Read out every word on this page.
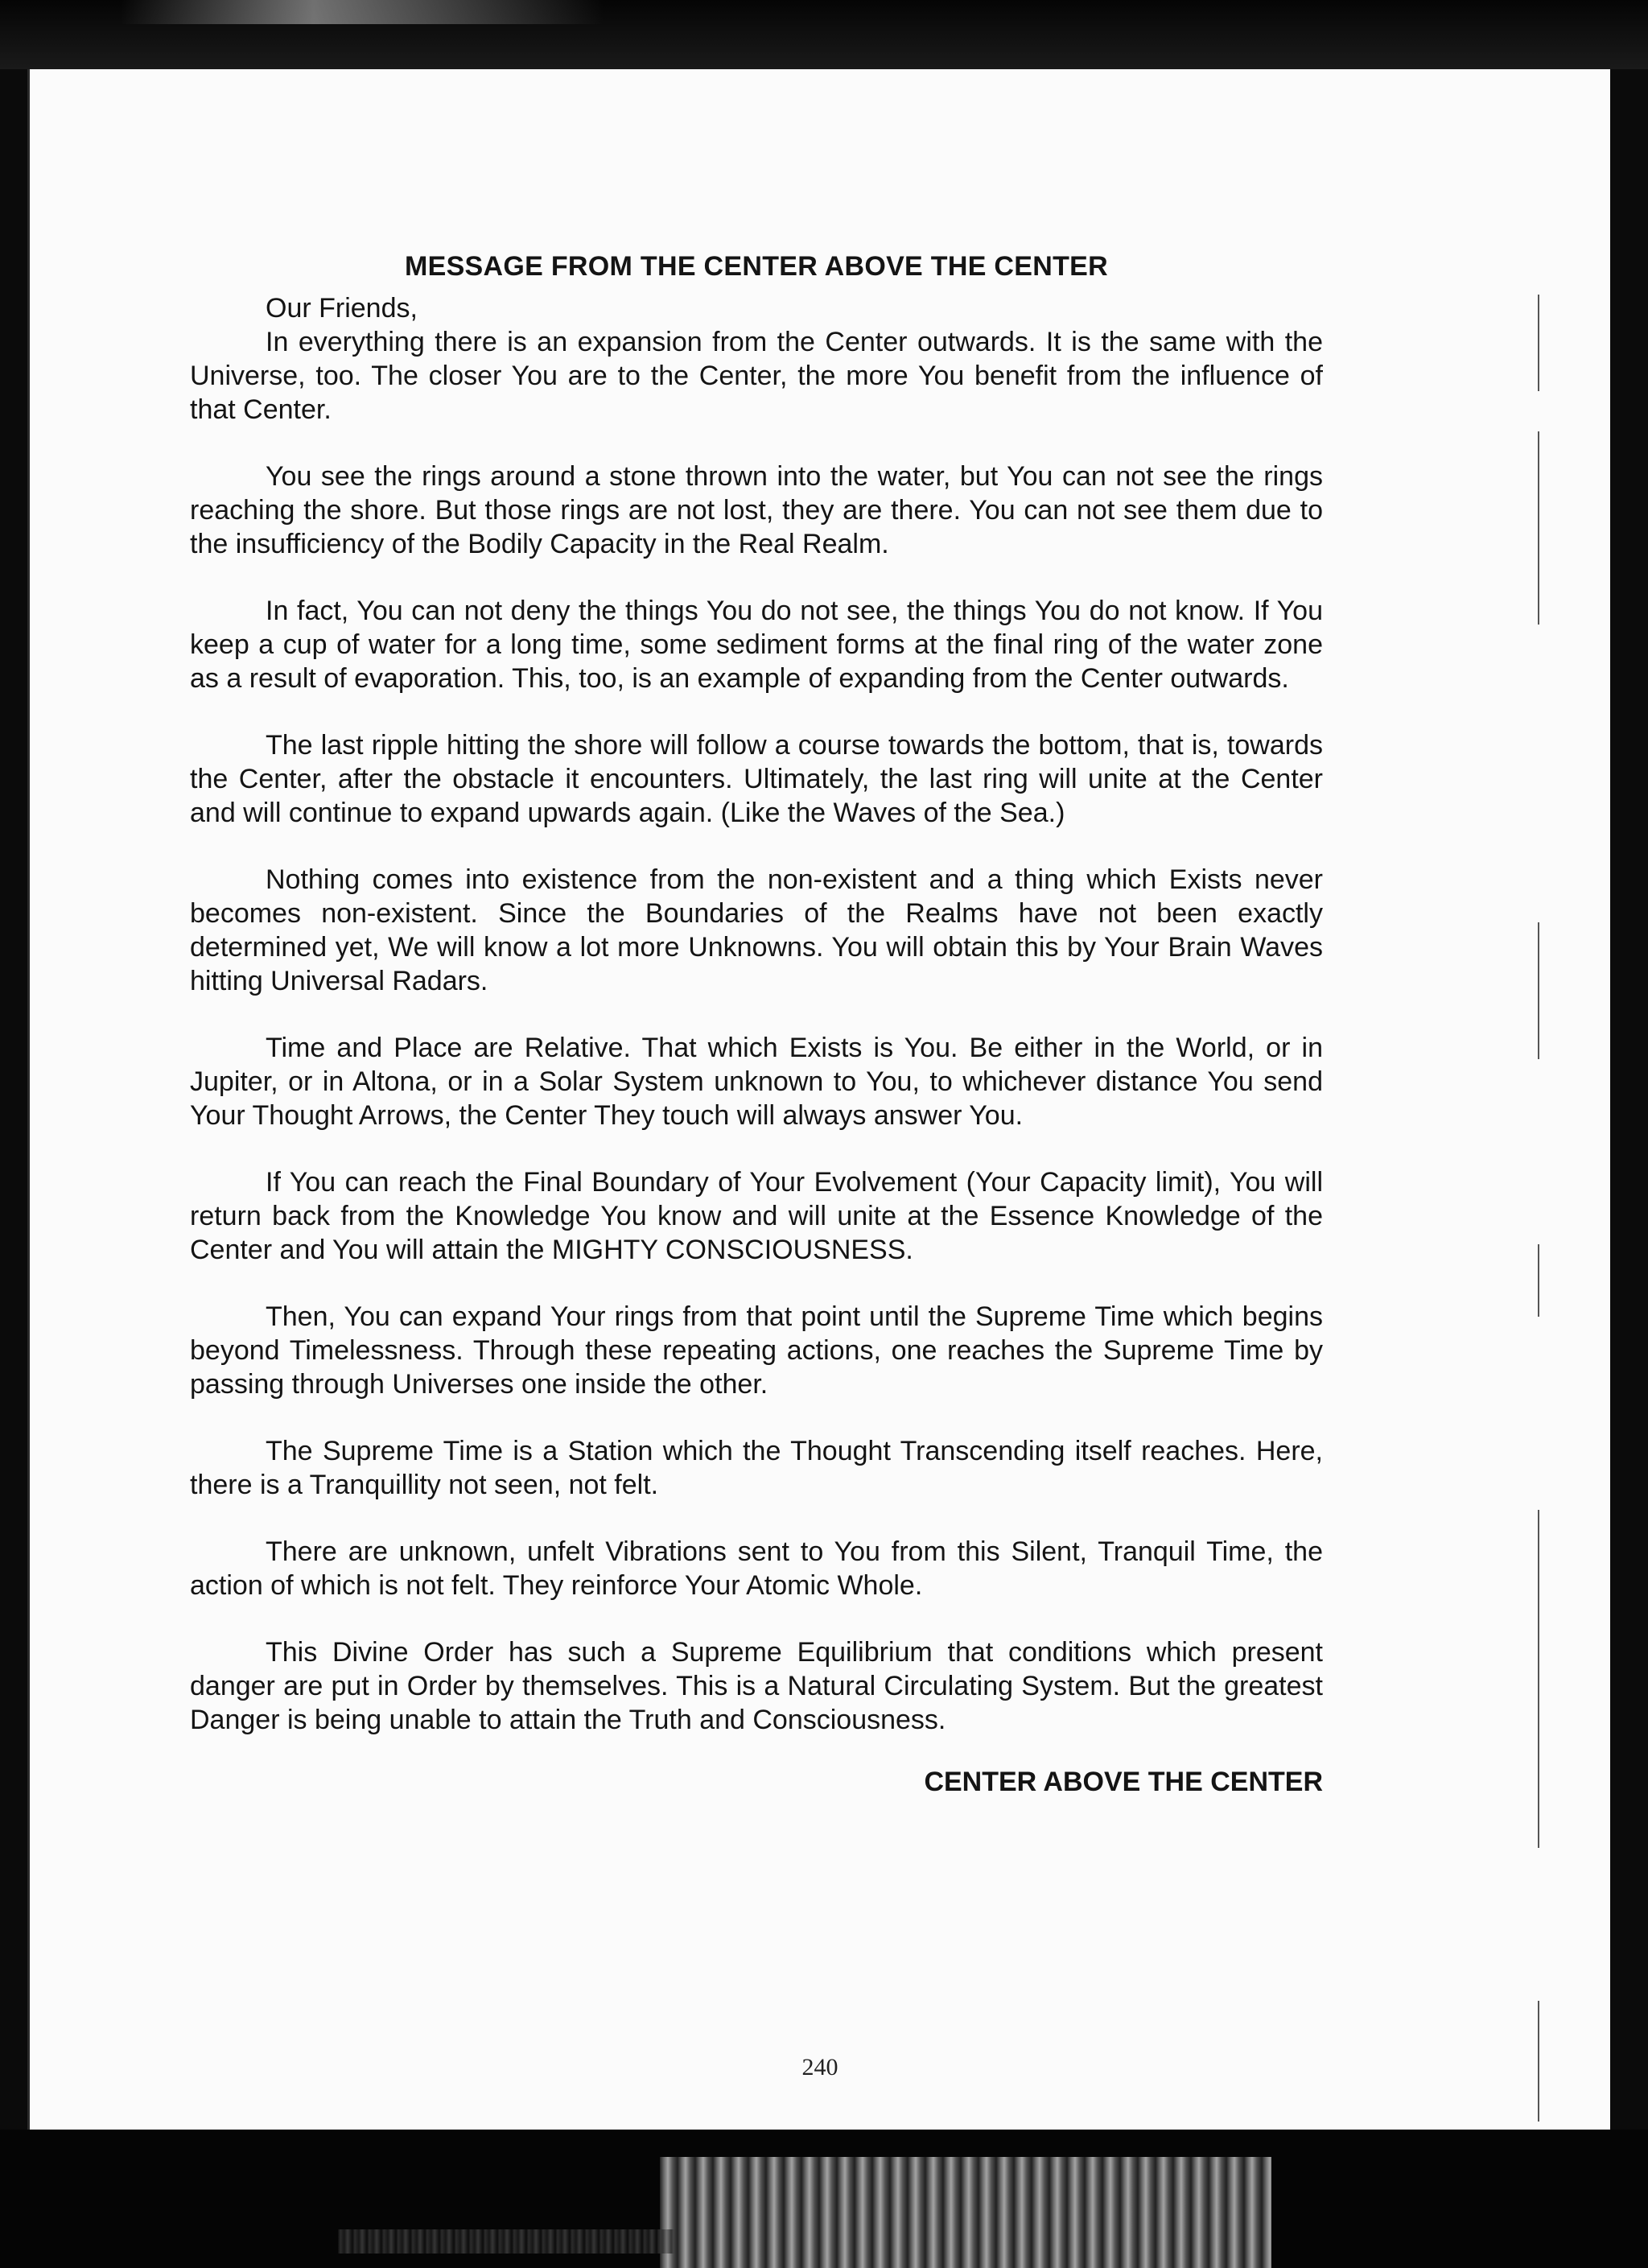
240
MESSAGE FROM THE CENTER ABOVE THE CENTER
Our Friends,

In everything there is an expansion from the Center outwards. It is the same with the Universe, too. The closer You are to the Center, the more You benefit from the influence of that Center.

You see the rings around a stone thrown into the water, but You can not see the rings reaching the shore. But those rings are not lost, they are there. You can not see them due to the insufficiency of the Bodily Capacity in the Real Realm.

In fact, You can not deny the things You do not see, the things You do not know. If You keep a cup of water for a long time, some sediment forms at the final ring of the water zone as a result of evaporation. This, too, is an example of expanding from the Center outwards.

The last ripple hitting the shore will follow a course towards the bottom, that is, towards the Center, after the obstacle it encounters. Ultimately, the last ring will unite at the Center and will continue to expand upwards again. (Like the Waves of the Sea.)

Nothing comes into existence from the non-existent and a thing which Exists never becomes non-existent. Since the Boundaries of the Realms have not been exactly determined yet, We will know a lot more Unknowns. You will obtain this by Your Brain Waves hitting Universal Radars.

Time and Place are Relative. That which Exists is You. Be either in the World, or in Jupiter, or in Altona, or in a Solar System unknown to You, to whichever distance You send Your Thought Arrows, the Center They touch will always answer You.

If You can reach the Final Boundary of Your Evolvement (Your Capacity limit), You will return back from the Knowledge You know and will unite at the Essence Knowledge of the Center and You will attain the MIGHTY CONSCIOUSNESS.

Then, You can expand Your rings from that point until the Supreme Time which begins beyond Timelessness. Through these repeating actions, one reaches the Supreme Time by passing through Universes one inside the other.

The Supreme Time is a Station which the Thought Transcending itself reaches. Here, there is a Tranquillity not seen, not felt.

There are unknown, unfelt Vibrations sent to You from this Silent, Tranquil Time, the action of which is not felt. They reinforce Your Atomic Whole.

This Divine Order has such a Supreme Equilibrium that conditions which present danger are put in Order by themselves. This is a Natural Circulating System. But the greatest Danger is being unable to attain the Truth and Consciousness.

CENTER ABOVE THE CENTER
